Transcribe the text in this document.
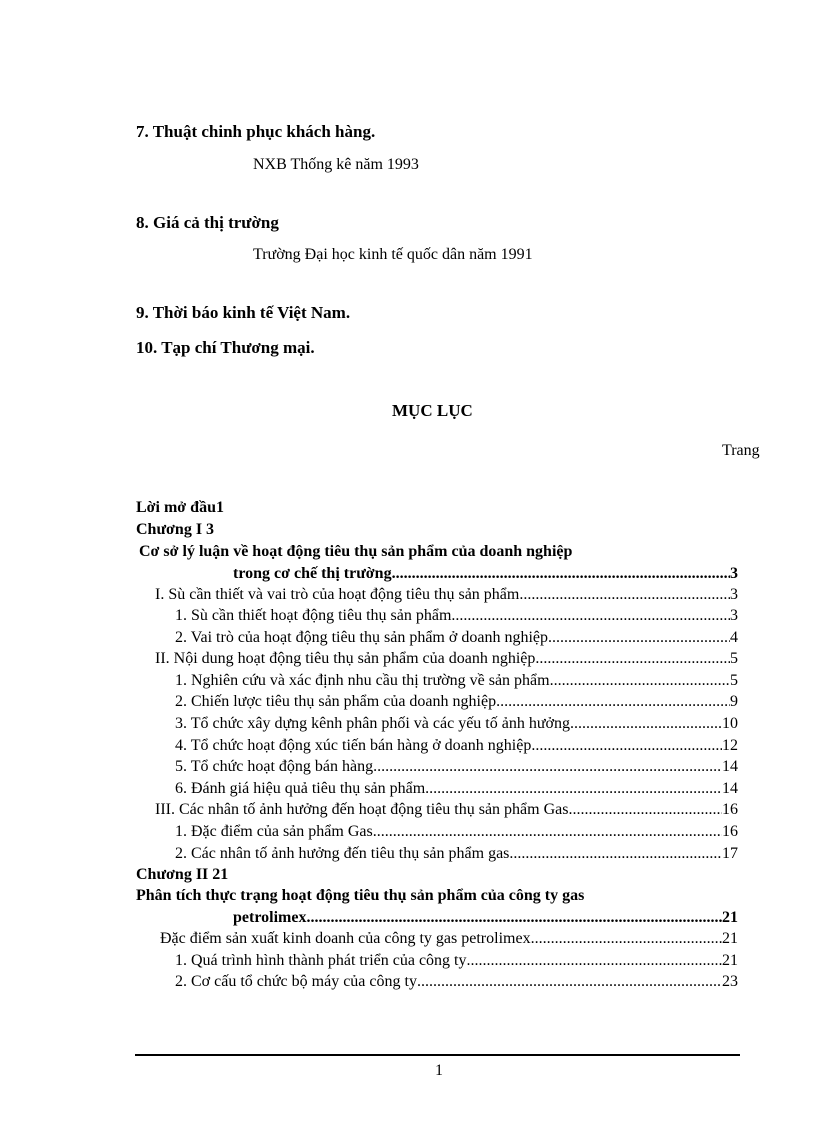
7. Thuật chinh phục khách hàng.
NXB Thống kê năm 1993
8. Giá cả thị trường
Trường Đại học kinh tế quốc dân năm 1991
9. Thời báo kinh tế Việt Nam.
10. Tạp chí Thương mại.
MỤC LỤC
Trang
Lời mở đầu1
Chương I 3
Cơ sở lý luận về hoạt động tiêu thụ sản phẩm của doanh nghiệp
trong cơ chế thị trường .....	3
I. Sù cần thiết và vai trò của hoạt động tiêu thụ sản phẩm. .....	3
1. Sù cần thiết hoạt động tiêu thụ sản phẩm .....	3
2. Vai trò của hoạt động tiêu thụ sản phẩm ở doanh nghiệp. .....	4
II. Nội dung hoạt động tiêu thụ sản phẩm của doanh nghiệp. .....	5
1. Nghiên cứu và xác định nhu cầu thị trường về sản phẩm. .....	5
2. Chiến lược tiêu thụ sản phẩm của doanh nghiệp .....	9
3. Tổ chức xây dựng kênh phân phối và các yếu tố ảnh hưởng .....	10
4. Tổ chức hoạt động xúc tiến bán hàng ở doanh nghiệp .....	12
5. Tổ chức hoạt động bán hàng. .....	14
6. Đánh giá hiệu quả tiêu thụ sản phẩm. .....	14
III. Các nhân tố ảnh hưởng đến hoạt động tiêu thụ sản phẩm Gas. .....	16
1. Đặc điểm của sản phẩm Gas. .....	16
2. Các nhân tố ảnh hưởng đến tiêu thụ sản phẩm gas. .....	17
Chương II 21
Phân tích thực trạng hoạt động tiêu thụ sản phẩm của công ty gas
petrolimex .....	21
Đặc điểm sản xuất kinh doanh của công ty gas petrolimex .....	21
1. Quá trình hình thành phát triển của công ty .....	21
2. Cơ cấu tổ chức bộ máy của công ty .....	23
1
